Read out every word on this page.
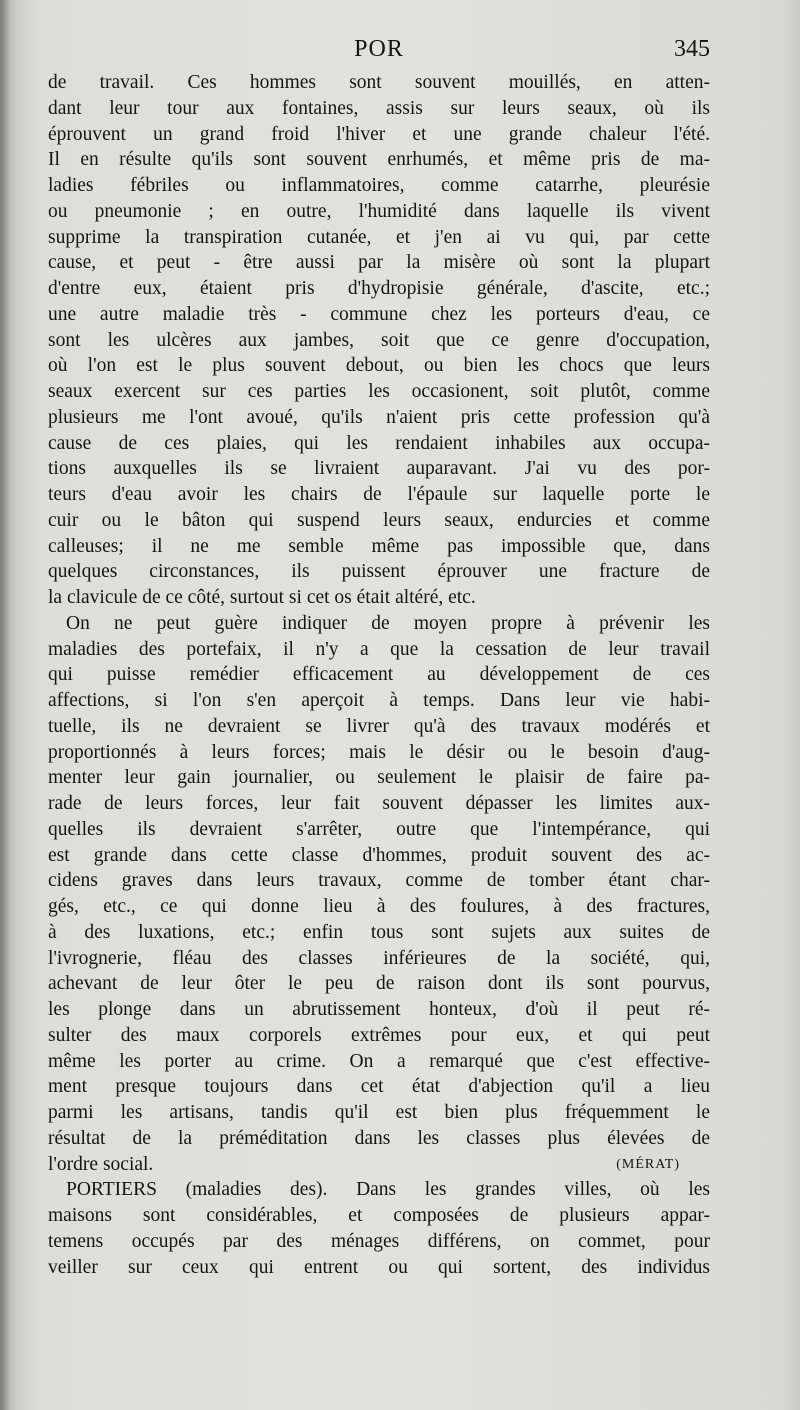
POR	345
de travail. Ces hommes sont souvent mouillés, en atten-
dant leur tour aux fontaines, assis sur leurs seaux, où ils
éprouvent un grand froid l'hiver et une grande chaleur l'été.
Il en résulte qu'ils sont souvent enrhumés, et même pris de ma-
ladies fébriles ou inflammatoires, comme catarrhe, pleurésie
ou pneumonie ; en outre, l'humidité dans laquelle ils vivent
supprime la transpiration cutanée, et j'en ai vu qui, par cette
cause, et peut - être aussi par la misère où sont la plupart
d'entre eux, étaient pris d'hydropisie générale, d'ascite, etc.;
une autre maladie très - commune chez les porteurs d'eau, ce
sont les ulcères aux jambes, soit que ce genre d'occupation,
où l'on est le plus souvent debout, ou bien les chocs que leurs
seaux exercent sur ces parties les occasionent, soit plutôt, comme
plusieurs me l'ont avoué, qu'ils n'aient pris cette profession qu'à
cause de ces plaies, qui les rendaient inhabiles aux occupa-
tions auxquelles ils se livraient auparavant. J'ai vu des por-
teurs d'eau avoir les chairs de l'épaule sur laquelle porte le
cuir ou le bâton qui suspend leurs seaux, endurcies et comme
calleuses; il ne me semble même pas impossible que, dans
quelques circonstances, ils puissent éprouver une fracture de
la clavicule de ce côté, surtout si cet os était altéré, etc.
On ne peut guère indiquer de moyen propre à prévenir les
maladies des portefaix, il n'y a que la cessation de leur travail
qui puisse remédier efficacement au développement de ces
affections, si l'on s'en aperçoit à temps. Dans leur vie habi-
tuelle, ils ne devraient se livrer qu'à des travaux modérés et
proportionnés à leurs forces; mais le désir ou le besoin d'aug-
menter leur gain journalier, ou seulement le plaisir de faire pa-
rade de leurs forces, leur fait souvent dépasser les limites aux-
quelles ils devraient s'arrêter, outre que l'intempérance, qui
est grande dans cette classe d'hommes, produit souvent des ac-
cidens graves dans leurs travaux, comme de tomber étant char-
gés, etc., ce qui donne lieu à des foulures, à des fractures,
à des luxations, etc.; enfin tous sont sujets aux suites de
l'ivrognerie, fléau des classes inférieures de la société, qui,
achevant de leur ôter le peu de raison dont ils sont pourvus,
les plonge dans un abrutissement honteux, d'où il peut ré-
sulter des maux corporels extrêmes pour eux, et qui peut
même les porter au crime. On a remarqué que c'est effective-
ment presque toujours dans cet état d'abjection qu'il a lieu
parmi les artisans, tandis qu'il est bien plus fréquemment le
résultat de la préméditation dans les classes plus élevées de
l'ordre social.	(MÉRAT)
PORTIERS (maladies des). Dans les grandes villes, où les
maisons sont considérables, et composées de plusieurs appar-
temens occupés par des ménages différens, on commet, pour
veiller sur ceux qui entrent ou qui sortent, des individus
